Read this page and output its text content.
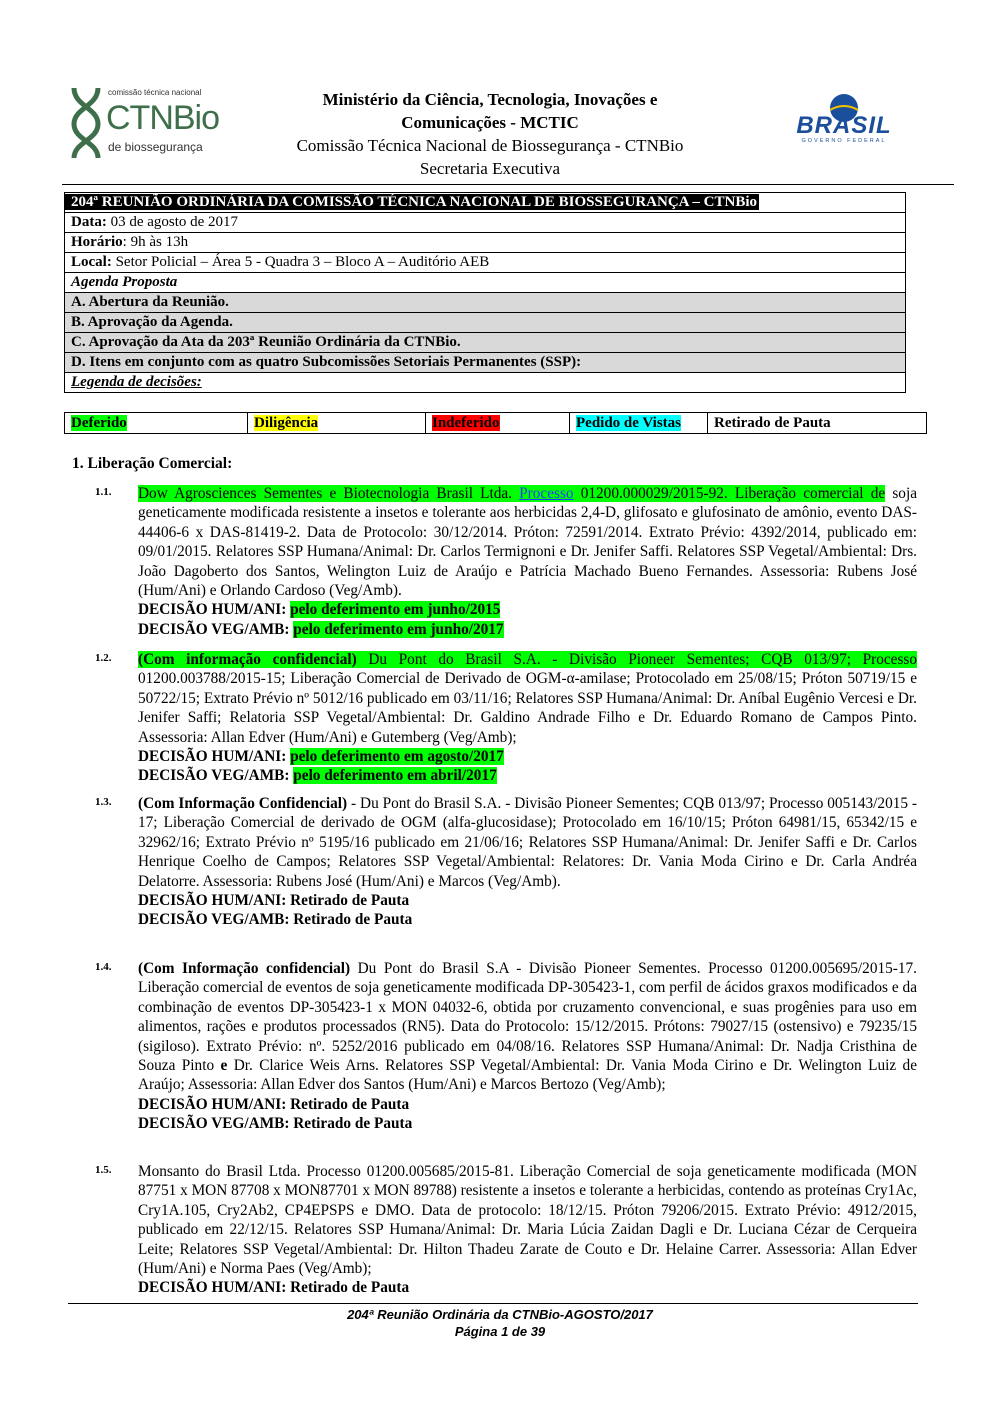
comissão técnica nacional
CTNBio
de biossegurança
BRASIL
GOVERNO FEDERAL
Ministério da Ciência, Tecnologia, Inovações e
Comunicações - MCTIC
Comissão Técnica Nacional de Biossegurança - CTNBio
Secretaria Executiva
204ª REUNIÃO ORDINÁRIA DA COMISSÃO TÉCNICA NACIONAL DE BIOSSEGURANÇA – CTNBio
Data: 03 de agosto de 2017
Horário: 9h às 13h
Local: Setor Policial – Área 5 - Quadra 3 – Bloco A – Auditório AEB
Agenda Proposta
A. Abertura da Reunião.
B. Aprovação da Agenda.
C. Aprovação da Ata da 203ª Reunião Ordinária da CTNBio.
D. Itens em conjunto com as quatro Subcomissões Setoriais Permanentes (SSP):
Legenda de decisões:
Deferido	Diligência	Indeferido	Pedido de Vistas	Retirado de Pauta
1. Liberação Comercial:
1.1. Dow Agrosciences Sementes e Biotecnologia Brasil Ltda. Processo 01200.000029/2015-92. Liberação comercial de soja geneticamente modificada resistente a insetos e tolerante aos herbicidas 2,4-D, glifosato e glufosinato de amônio, evento DAS-44406-6 x DAS-81419-2. Data de Protocolo: 30/12/2014. Próton: 72591/2014. Extrato Prévio: 4392/2014, publicado em: 09/01/2015. Relatores SSP Humana/Animal: Dr. Carlos Termignoni e Dr. Jenifer Saffi. Relatores SSP Vegetal/Ambiental: Drs. João Dagoberto dos Santos, Welington Luiz de Araújo e Patrícia Machado Bueno Fernandes. Assessoria: Rubens José (Hum/Ani) e Orlando Cardoso (Veg/Amb).
DECISÃO HUM/ANI: pelo deferimento em junho/2015
DECISÃO VEG/AMB: pelo deferimento em junho/2017
1.2. (Com informação confidencial) Du Pont do Brasil S.A. - Divisão Pioneer Sementes; CQB 013/97; Processo 01200.003788/2015-15; Liberação Comercial de Derivado de OGM-α-amilase; Protocolado em 25/08/15; Próton 50719/15 e 50722/15; Extrato Prévio nº 5012/16 publicado em 03/11/16; Relatores SSP Humana/Animal: Dr. Aníbal Eugênio Vercesi e Dr. Jenifer Saffi; Relatoria SSP Vegetal/Ambiental: Dr. Galdino Andrade Filho e Dr. Eduardo Romano de Campos Pinto. Assessoria: Allan Edver (Hum/Ani) e Gutemberg (Veg/Amb);
DECISÃO HUM/ANI: pelo deferimento em agosto/2017
DECISÃO VEG/AMB: pelo deferimento em abril/2017
1.3. (Com Informação Confidencial) - Du Pont do Brasil S.A. - Divisão Pioneer Sementes; CQB 013/97; Processo 005143/2015 - 17; Liberação Comercial de derivado de OGM (alfa-glucosidase); Protocolado em 16/10/15; Próton 64981/15, 65342/15 e 32962/16; Extrato Prévio nº 5195/16 publicado em 21/06/16; Relatores SSP Humana/Animal: Dr. Jenifer Saffi e Dr. Carlos Henrique Coelho de Campos; Relatores SSP Vegetal/Ambiental: Relatores: Dr. Vania Moda Cirino e Dr. Carla Andréa Delatorre. Assessoria: Rubens José (Hum/Ani) e Marcos (Veg/Amb).
DECISÃO HUM/ANI: Retirado de Pauta
DECISÃO VEG/AMB: Retirado de Pauta
1.4. (Com Informação confidencial) Du Pont do Brasil S.A - Divisão Pioneer Sementes. Processo 01200.005695/2015-17. Liberação comercial de eventos de soja geneticamente modificada DP-305423-1, com perfil de ácidos graxos modificados e da combinação de eventos DP-305423-1 x MON 04032-6, obtida por cruzamento convencional, e suas progênies para uso em alimentos, rações e produtos processados (RN5). Data do Protocolo: 15/12/2015. Prótons: 79027/15 (ostensivo) e 79235/15 (sigiloso). Extrato Prévio: nº. 5252/2016 publicado em 04/08/16. Relatores SSP Humana/Animal: Dr. Nadja Cristhina de Souza Pinto e Dr. Clarice Weis Arns. Relatores SSP Vegetal/Ambiental: Dr. Vania Moda Cirino e Dr. Welington Luiz de Araújo; Assessoria: Allan Edver dos Santos (Hum/Ani) e Marcos Bertozo (Veg/Amb);
DECISÃO HUM/ANI: Retirado de Pauta
DECISÃO VEG/AMB: Retirado de Pauta
1.5. Monsanto do Brasil Ltda. Processo 01200.005685/2015-81. Liberação Comercial de soja geneticamente modificada (MON 87751 x MON 87708 x MON87701 x MON 89788) resistente a insetos e tolerante a herbicidas, contendo as proteínas Cry1Ac, Cry1A.105, Cry2Ab2, CP4EPSPS e DMO. Data de protocolo: 18/12/15. Próton 79206/2015. Extrato Prévio: 4912/2015, publicado em 22/12/15. Relatores SSP Humana/Animal: Dr. Maria Lúcia Zaidan Dagli e Dr. Luciana Cézar de Cerqueira Leite; Relatores SSP Vegetal/Ambiental: Dr. Hilton Thadeu Zarate de Couto e Dr. Helaine Carrer. Assessoria: Allan Edver (Hum/Ani) e Norma Paes (Veg/Amb);
DECISÃO HUM/ANI: Retirado de Pauta
204ª Reunião Ordinária da CTNBio-AGOSTO/2017
Página 1 de 39
